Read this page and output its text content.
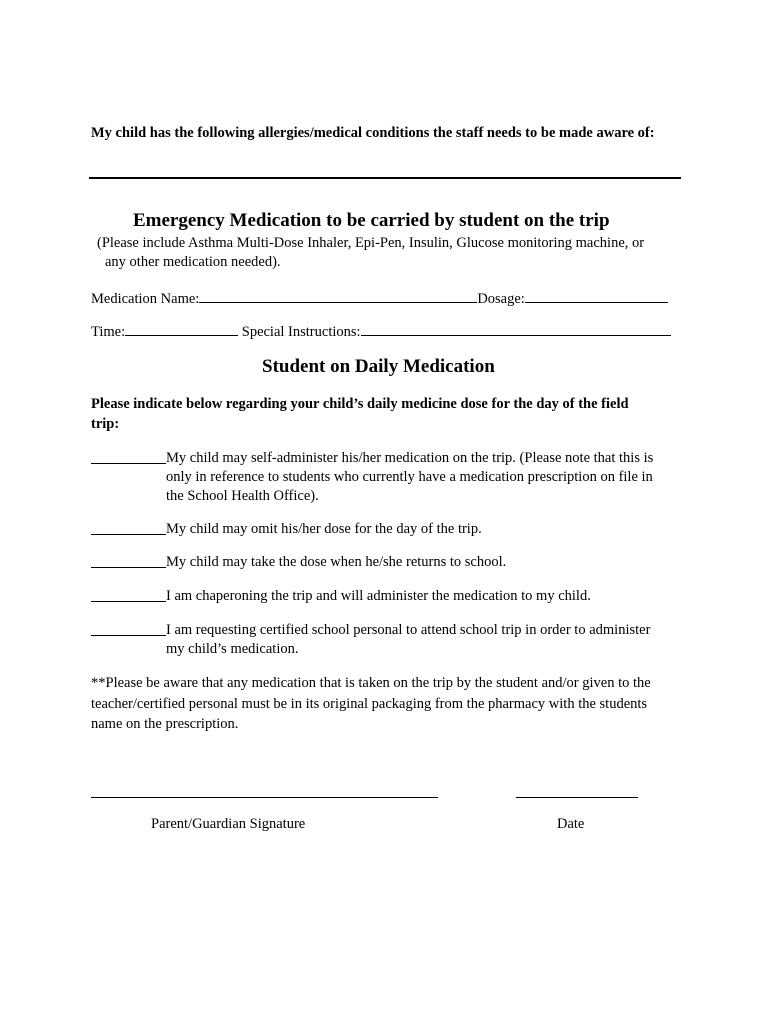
My child has the following allergies/medical conditions the staff needs to be made aware of:
Emergency Medication to be carried by student on the trip
(Please include Asthma Multi-Dose Inhaler, Epi-Pen, Insulin, Glucose monitoring machine, or
any other medication needed).
Medication Name:	Dosage:
Time:	Special Instructions:
Student on Daily Medication
Please indicate below regarding your child’s daily medicine dose for the day of the field
trip:
My child may self-administer his/her medication on the trip. (Please note that this is
only in reference to students who currently have a medication prescription on file in
the School Health Office).
My child may omit his/her dose for the day of the trip.
My child may take the dose when he/she returns to school.
I am chaperoning the trip and will administer the medication to my child.
I am requesting certified school personal to attend school trip in order to administer
my child’s medication.
**Please be aware that any medication that is taken on the trip by the student and/or given to the
teacher/certified personal must be in its original packaging from the pharmacy with the students
name on the prescription.
Parent/Guardian Signature	Date
